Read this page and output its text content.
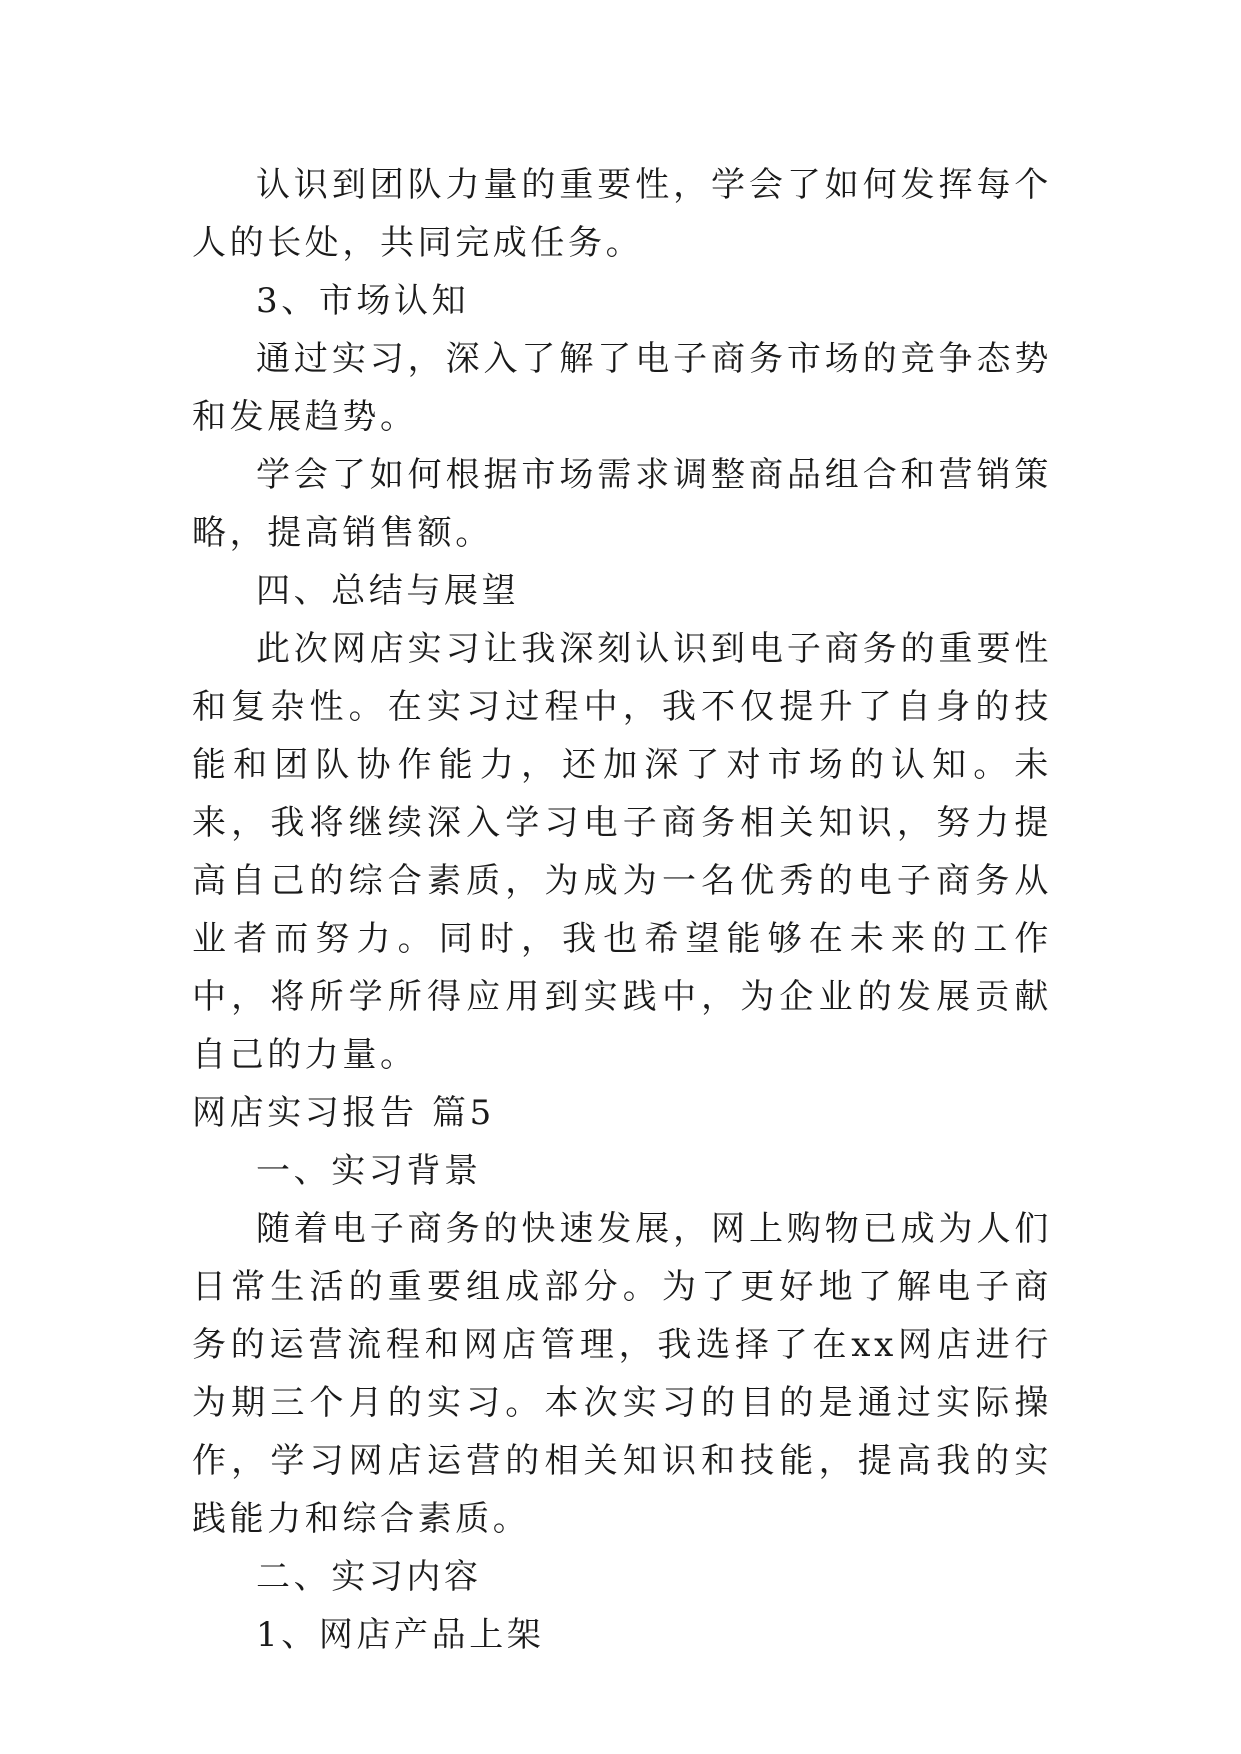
认识到团队力量的重要性，学会了如何发挥每个人的长处，共同完成任务。

3、市场认知

通过实习，深入了解了电子商务市场的竞争态势和发展趋势。

学会了如何根据市场需求调整商品组合和营销策略，提高销售额。

四、总结与展望

此次网店实习让我深刻认识到电子商务的重要性和复杂性。在实习过程中，我不仅提升了自身的技能和团队协作能力，还加深了对市场的认知。未来，我将继续深入学习电子商务相关知识，努力提高自己的综合素质，为成为一名优秀的电子商务从业者而努力。同时，我也希望能够在未来的工作中，将所学所得应用到实践中，为企业的发展贡献自己的力量。

网店实习报告 篇5

一、实习背景

随着电子商务的快速发展，网上购物已成为人们日常生活的重要组成部分。为了更好地了解电子商务的运营流程和网店管理，我选择了在xx网店进行为期三个月的实习。本次实习的目的是通过实际操作，学习网店运营的相关知识和技能，提高我的实践能力和综合素质。

二、实习内容

1、网店产品上架
